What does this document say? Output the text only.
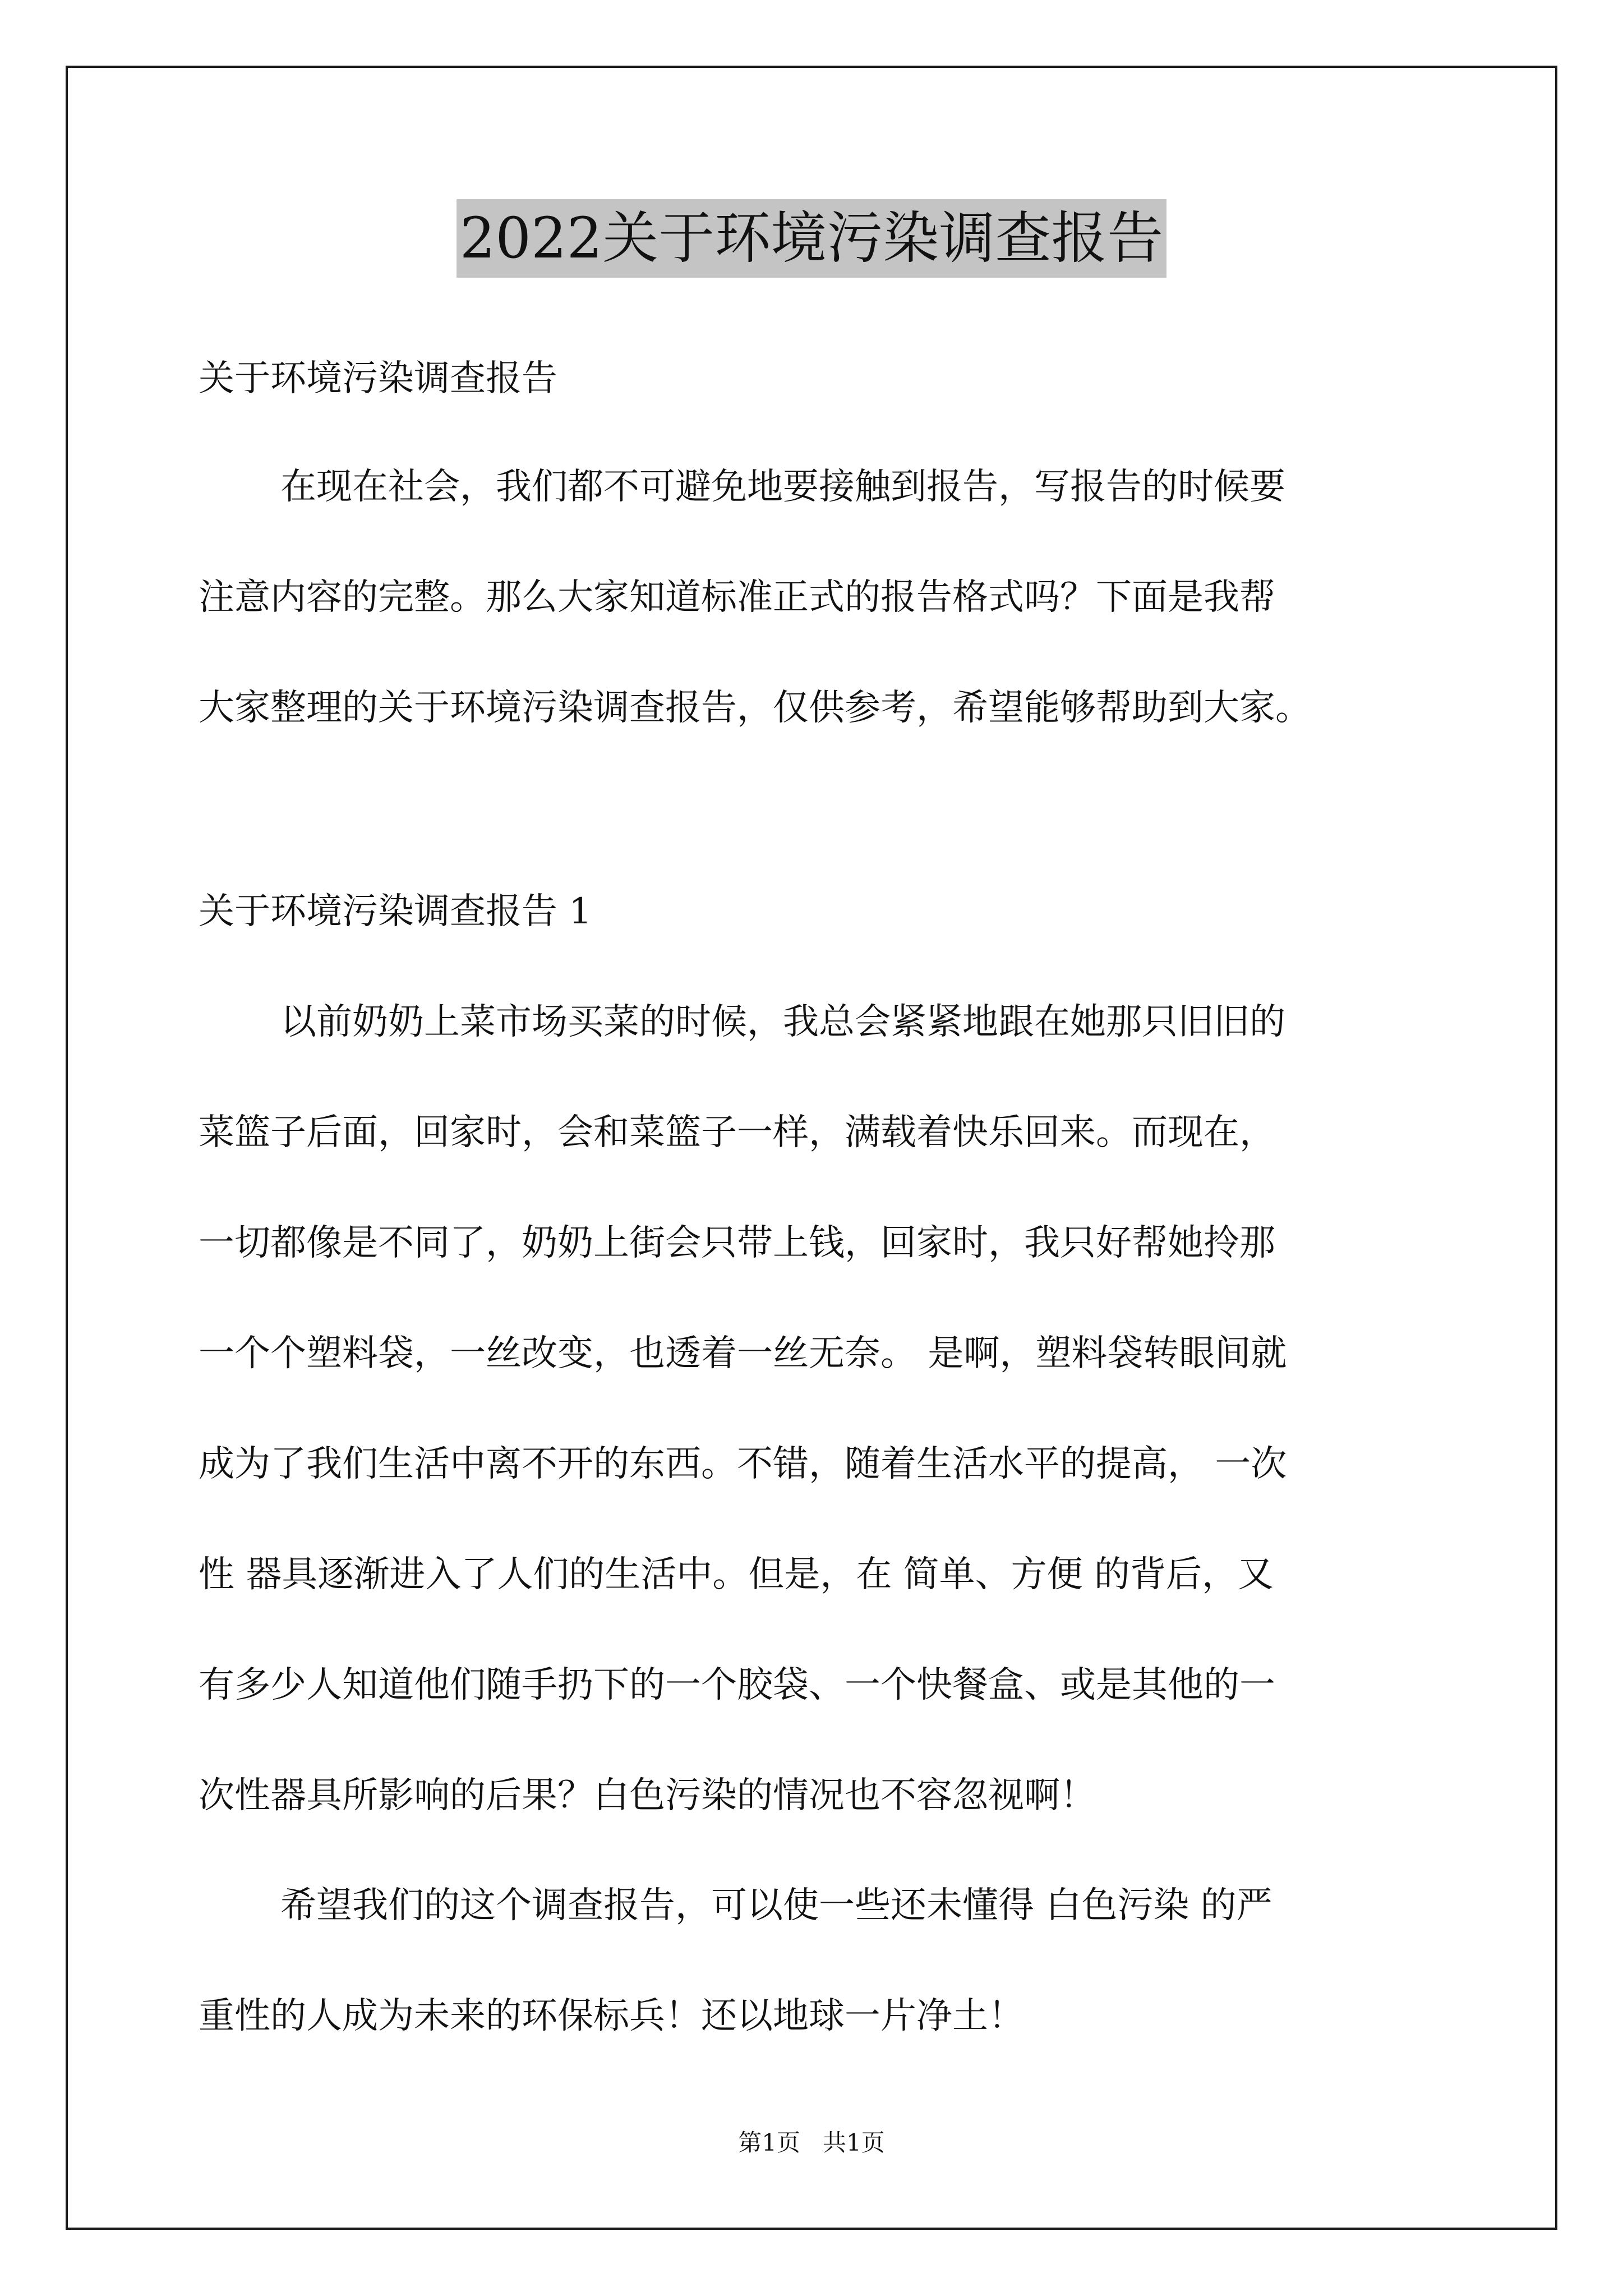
2022关于环境污染调查报告
关于环境污染调查报告
在现在社会，我们都不可避免地要接触到报告，写报告的时候要
注意内容的完整。那么大家知道标准正式的报告格式吗？下面是我帮
大家整理的关于环境污染调查报告，仅供参考，希望能够帮助到大家。
关于环境污染调查报告 1
以前奶奶上菜市场买菜的时候，我总会紧紧地跟在她那只旧旧的
菜篮子后面，回家时，会和菜篮子一样，满载着快乐回来。而现在，
一切都像是不同了，奶奶上街会只带上钱，回家时，我只好帮她拎那
一个个塑料袋，一丝改变，也透着一丝无奈。 是啊，塑料袋转眼间就
成为了我们生活中离不开的东西。不错，随着生活水平的提高， 一次
性 器具逐渐进入了人们的生活中。但是，在 简单、方便 的背后，又
有多少人知道他们随手扔下的一个胶袋、一个快餐盒、或是其他的一
次性器具所影响的后果？白色污染的情况也不容忽视啊！
希望我们的这个调查报告，可以使一些还未懂得 白色污染 的严
重性的人成为未来的环保标兵！还以地球一片净土！
第1页   共1页
